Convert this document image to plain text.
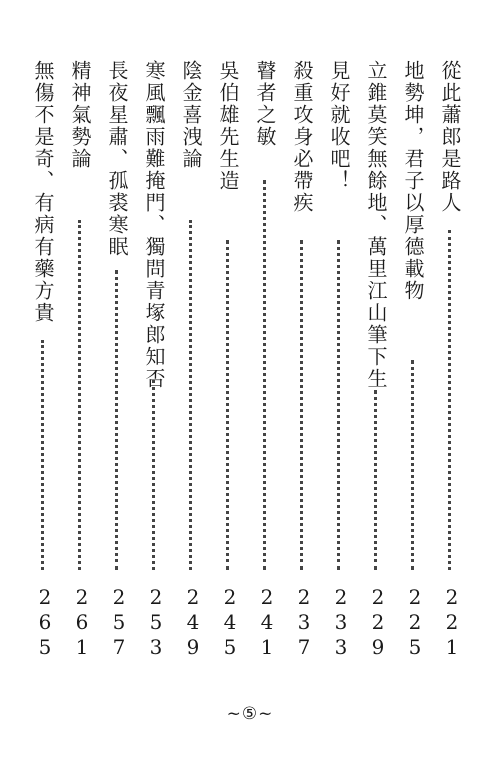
從此蕭郎是路人
221
地勢坤，君子以厚德載物
225
立錐莫笑無餘地、萬里江山筆下生
229
見好就收吧！
233
殺重攻身必帶疾
237
瞽者之敏
241
吳伯雄先生造
245
陰金喜洩論
249
寒風飄雨難掩門、獨問青塚郎知否
253
長夜星肅、孤裘寒眠
257
精神氣勢論
261
無傷不是奇、有病有藥方貴
265
~⑤~
